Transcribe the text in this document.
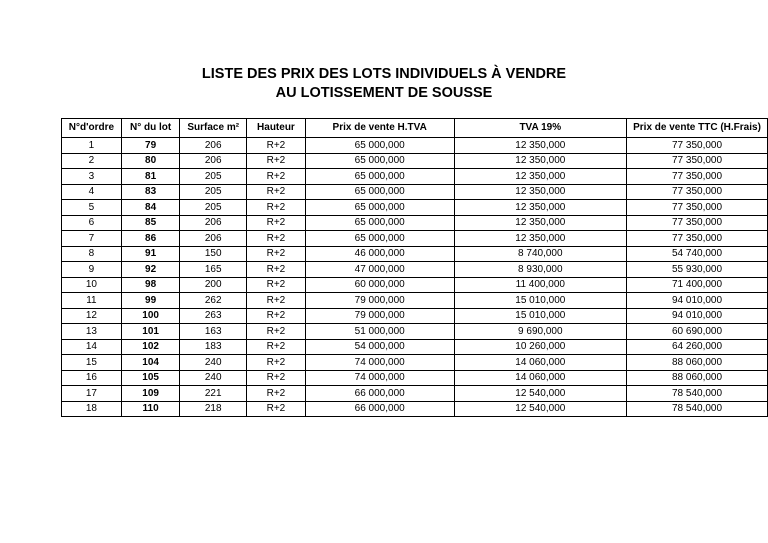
LISTE DES PRIX DES LOTS INDIVIDUELS À VENDRE
AU LOTISSEMENT DE SOUSSE
N°d'ordre	N° du lot	Surface m²	Hauteur	Prix de vente H.TVA	TVA 19%	Prix de vente TTC (H.Frais)
1	79	206	R+2	65 000,000	12 350,000	77 350,000
2	80	206	R+2	65 000,000	12 350,000	77 350,000
3	81	205	R+2	65 000,000	12 350,000	77 350,000
4	83	205	R+2	65 000,000	12 350,000	77 350,000
5	84	205	R+2	65 000,000	12 350,000	77 350,000
6	85	206	R+2	65 000,000	12 350,000	77 350,000
7	86	206	R+2	65 000,000	12 350,000	77 350,000
8	91	150	R+2	46 000,000	8 740,000	54 740,000
9	92	165	R+2	47 000,000	8 930,000	55 930,000
10	98	200	R+2	60 000,000	11 400,000	71 400,000
11	99	262	R+2	79 000,000	15 010,000	94 010,000
12	100	263	R+2	79 000,000	15 010,000	94 010,000
13	101	163	R+2	51 000,000	9 690,000	60 690,000
14	102	183	R+2	54 000,000	10 260,000	64 260,000
15	104	240	R+2	74 000,000	14 060,000	88 060,000
16	105	240	R+2	74 000,000	14 060,000	88 060,000
17	109	221	R+2	66 000,000	12 540,000	78 540,000
18	110	218	R+2	66 000,000	12 540,000	78 540,000
